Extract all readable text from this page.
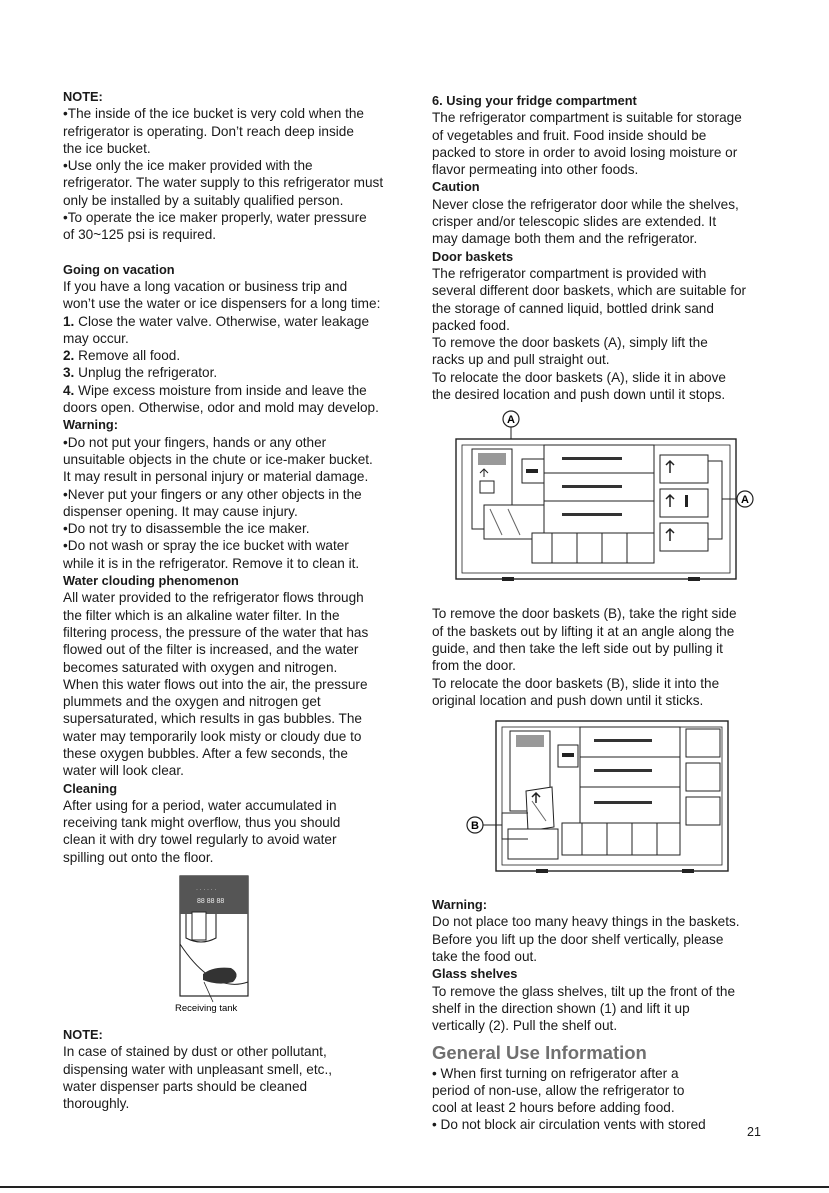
NOTE:

•The inside of the ice bucket is very cold when the

refrigerator is operating. Don’t reach deep inside

the ice bucket.

•Use only the ice maker provided with the

refrigerator. The water supply to this refrigerator must

only be installed by a suitably qualified person.

•To operate the ice maker properly, water pressure

of 30~125 psi is required.

Going on vacation

If you have a long vacation or business trip and

won’t use the water or ice dispensers for a long time:

1. Close the water valve. Otherwise, water leakage

may occur.

2. Remove all food.

3. Unplug the refrigerator.

4. Wipe excess moisture from inside and leave the

doors open. Otherwise, odor and mold may develop.

Warning:

•Do not put your fingers, hands or any other

unsuitable objects in the chute or ice-maker bucket.

It may result in personal injury or material damage.

•Never put your fingers or any other objects in the

dispenser opening. It may cause injury.

•Do not try to disassemble the ice maker.

•Do not wash or spray the ice bucket with water

while it is in the refrigerator. Remove it to clean it.

Water clouding phenomenon

All water provided to the refrigerator flows through

the filter which is an alkaline water filter. In the

filtering process, the pressure of the water that has

flowed out of the filter is increased, and the water

becomes saturated with oxygen and nitrogen.

When this water flows out into the air, the pressure

plummets and the oxygen and nitrogen get

supersaturated, which results in gas bubbles. The

water may temporarily look misty or cloudy due to

these oxygen bubbles. After a few seconds, the

water will look clear.

Cleaning

After using for a period, water accumulated in

receiving tank might overflow, thus you should

clean it with dry towel regularly to avoid water

spilling out onto the floor.

· · · · · ·
88 88 88
Receiving tank

NOTE:

In case of stained by dust or other pollutant,

dispensing water with unpleasant smell, etc.,

water dispenser parts should be cleaned

thoroughly.

6. Using your fridge compartment

The refrigerator compartment is suitable for storage

of vegetables and fruit. Food inside should be

packed to store in order to avoid losing moisture or

flavor permeating into other foods.

Caution

Never close the refrigerator door while the shelves,

crisper and/or telescopic slides are extended. It

may damage both them and the refrigerator.

Door baskets

The refrigerator compartment is provided with

several different door baskets, which are suitable for

the storage of canned liquid, bottled drink sand

packed food.

To remove the door baskets (A), simply lift the

racks up and pull straight out.

To relocate the door baskets (A), slide it in above

the desired location and push down until it stops.

A
A

To remove the door baskets (B), take the right side

of the baskets out by lifting it at an angle along the

guide, and then take the left side out by pulling it

from the door.

To relocate the door baskets (B), slide it into the

original location and push down until it sticks.

B

Warning:

Do not place too many heavy things in the baskets.

Before you lift up the door shelf vertically, please

take the food out.

Glass shelves

To remove the glass shelves, tilt up the front of the

shelf in the direction shown (1) and lift it up

vertically (2). Pull the shelf out.

General Use Information

• When first turning on refrigerator after a

period of non-use, allow the refrigerator to

cool at least 2 hours before adding food.

• Do not block air circulation vents with stored	21
